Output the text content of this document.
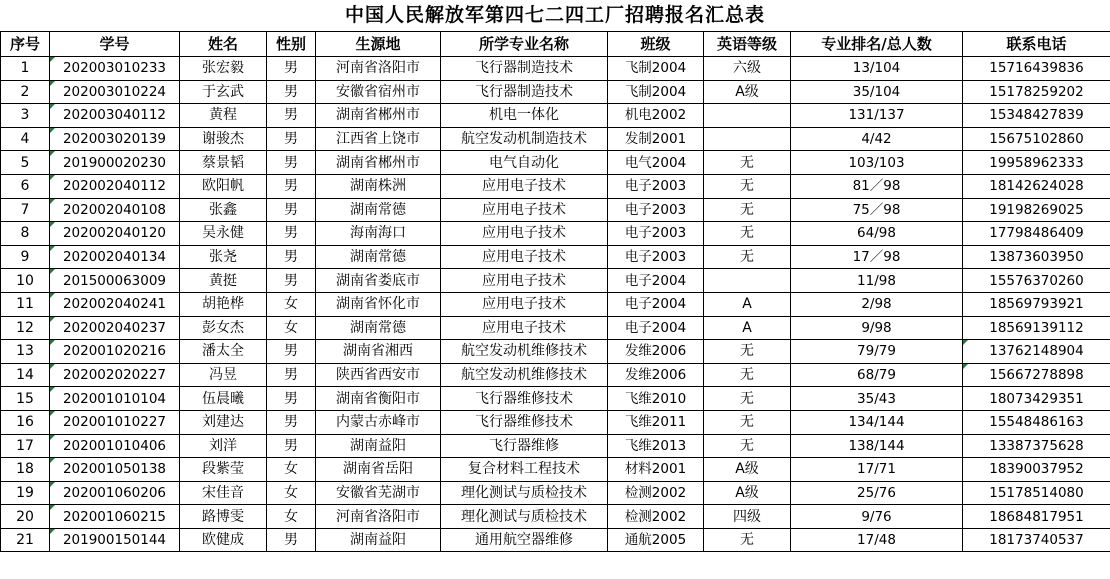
中国人民解放军第四七二四工厂招聘报名汇总表
序号	学号	姓名	性别	生源地	所学专业名称	班级	英语等级	专业排名/总人数	联系电话
1	202003010233	张宏毅	男	河南省洛阳市	飞行器制造技术	飞制2004	六级	13/104	15716439836
2	202003010224	于玄武	男	安徽省宿州市	飞行器制造技术	飞制2004	A级	35/104	15178259202
3	202003040112	黄程	男	湖南省郴州市	机电一体化	机电2002		131/137	15348427839
4	202003020139	谢骏杰	男	江西省上饶市	航空发动机制造技术	发制2001		4/42	15675102860
5	201900020230	蔡景韬	男	湖南省郴州市	电气自动化	电气2004	无	103/103	19958962333
6	202002040112	欧阳帆	男	湖南株洲	应用电子技术	电子2003	无	81／98	18142624028
7	202002040108	张鑫	男	湖南常德	应用电子技术	电子2003	无	75／98	19198269025
8	202002040120	吴永健	男	海南海口	应用电子技术	电子2003	无	64/98	17798486409
9	202002040134	张尧	男	湖南常德	应用电子技术	电子2003	无	17／98	13873603950
10	201500063009	黄挺	男	湖南省娄底市	应用电子技术	电子2004		11/98	15576370260
11	202002040241	胡艳桦	女	湖南省怀化市	应用电子技术	电子2004	A	2/98	18569793921
12	202002040237	彭女杰	女	湖南常德	应用电子技术	电子2004	A	9/98	18569139112
13	202001020216	潘太全	男	湖南省湘西	航空发动机维修技术	发维2006	无	79/79	13762148904
14	202002020227	冯昱	男	陕西省西安市	航空发动机维修技术	发维2006	无	68/79	15667278898
15	202001010104	伍晨曦	男	湖南省衡阳市	飞行器维修技术	飞维2010	无	35/43	18073429351
16	202001010227	刘建达	男	内蒙古赤峰市	飞行器维修技术	飞维2011	无	134/144	15548486163
17	202001010406	刘洋	男	湖南益阳	飞行器维修	飞维2013	无	138/144	13387375628
18	202001050138	段紫莹	女	湖南省岳阳	复合材料工程技术	材料2001	A级	17/71	18390037952
19	202001060206	宋佳音	女	安徽省芜湖市	理化测试与质检技术	检测2002	A级	25/76	15178514080
20	202001060215	路博雯	女	河南省洛阳市	理化测试与质检技术	检测2002	四级	9/76	18684817951
21	201900150144	欧健成	男	湖南益阳	通用航空器维修	通航2005	无	17/48	18173740537
